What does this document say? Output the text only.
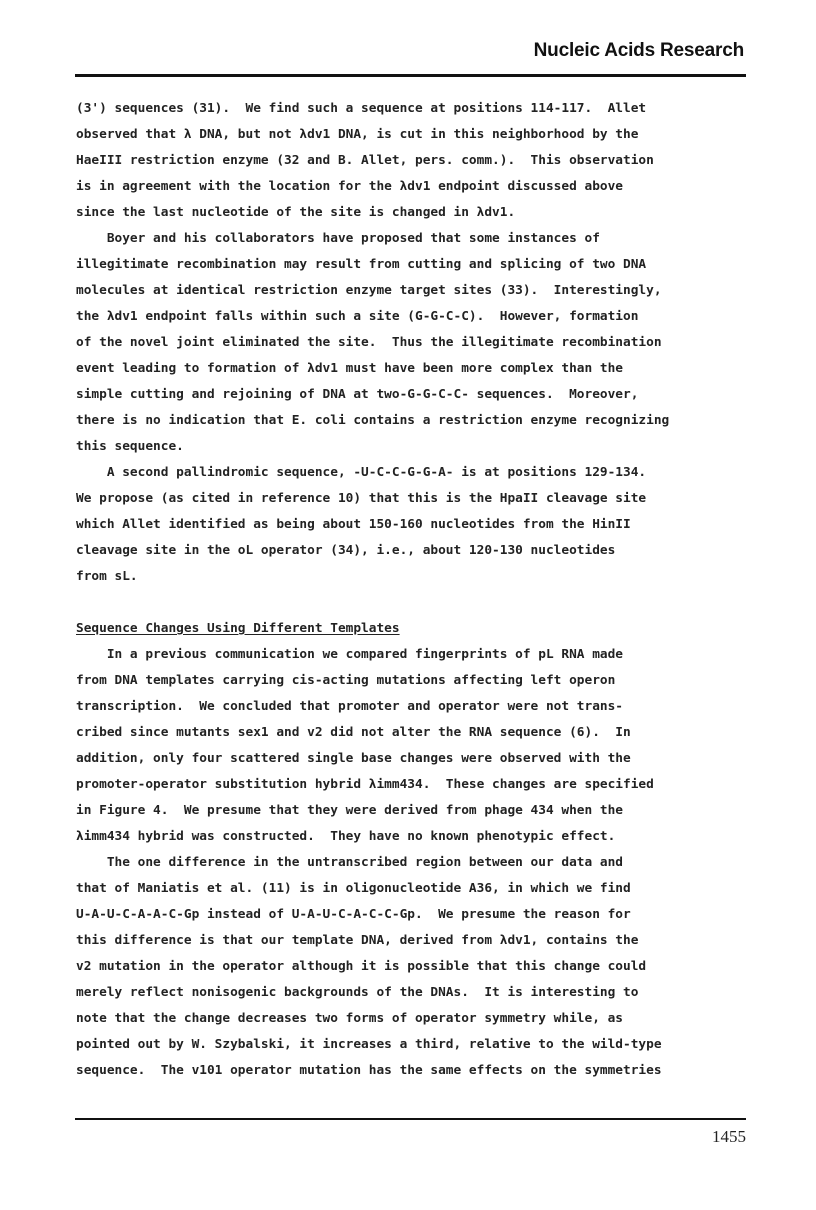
Nucleic Acids Research
(3') sequences (31).  We find such a sequence at positions 114-117.  Allet
observed that λ DNA, but not λdv1 DNA, is cut in this neighborhood by the
HaeIII restriction enzyme (32 and B. Allet, pers. comm.).  This observation
is in agreement with the location for the λdv1 endpoint discussed above
since the last nucleotide of the site is changed in λdv1.
Boyer and his collaborators have proposed that some instances of
illegitimate recombination may result from cutting and splicing of two DNA
molecules at identical restriction enzyme target sites (33).  Interestingly,
the λdv1 endpoint falls within such a site (G-G-C-C).  However, formation
of the novel joint eliminated the site.  Thus the illegitimate recombination
event leading to formation of λdv1 must have been more complex than the
simple cutting and rejoining of DNA at two-G-G-C-C- sequences.  Moreover,
there is no indication that E. coli contains a restriction enzyme recognizing
this sequence.
A second pallindromic sequence, -U-C-C-G-G-A- is at positions 129-134.
We propose (as cited in reference 10) that this is the HpaII cleavage site
which Allet identified as being about 150-160 nucleotides from the HinII
cleavage site in the oL operator (34), i.e., about 120-130 nucleotides
from sL.
Sequence Changes Using Different Templates
In a previous communication we compared fingerprints of pL RNA made
from DNA templates carrying cis-acting mutations affecting left operon
transcription.  We concluded that promoter and operator were not trans-
cribed since mutants sex1 and v2 did not alter the RNA sequence (6).  In
addition, only four scattered single base changes were observed with the
promoter-operator substitution hybrid λimm434.  These changes are specified
in Figure 4.  We presume that they were derived from phage 434 when the
λimm434 hybrid was constructed.  They have no known phenotypic effect.
The one difference in the untranscribed region between our data and
that of Maniatis et al. (11) is in oligonucleotide A36, in which we find
U-A-U-C-A-A-C-Gp instead of U-A-U-C-A-C-C-Gp.  We presume the reason for
this difference is that our template DNA, derived from λdv1, contains the
v2 mutation in the operator although it is possible that this change could
merely reflect nonisogenic backgrounds of the DNAs.  It is interesting to
note that the change decreases two forms of operator symmetry while, as
pointed out by W. Szybalski, it increases a third, relative to the wild-type
sequence.  The v101 operator mutation has the same effects on the symmetries
1455
